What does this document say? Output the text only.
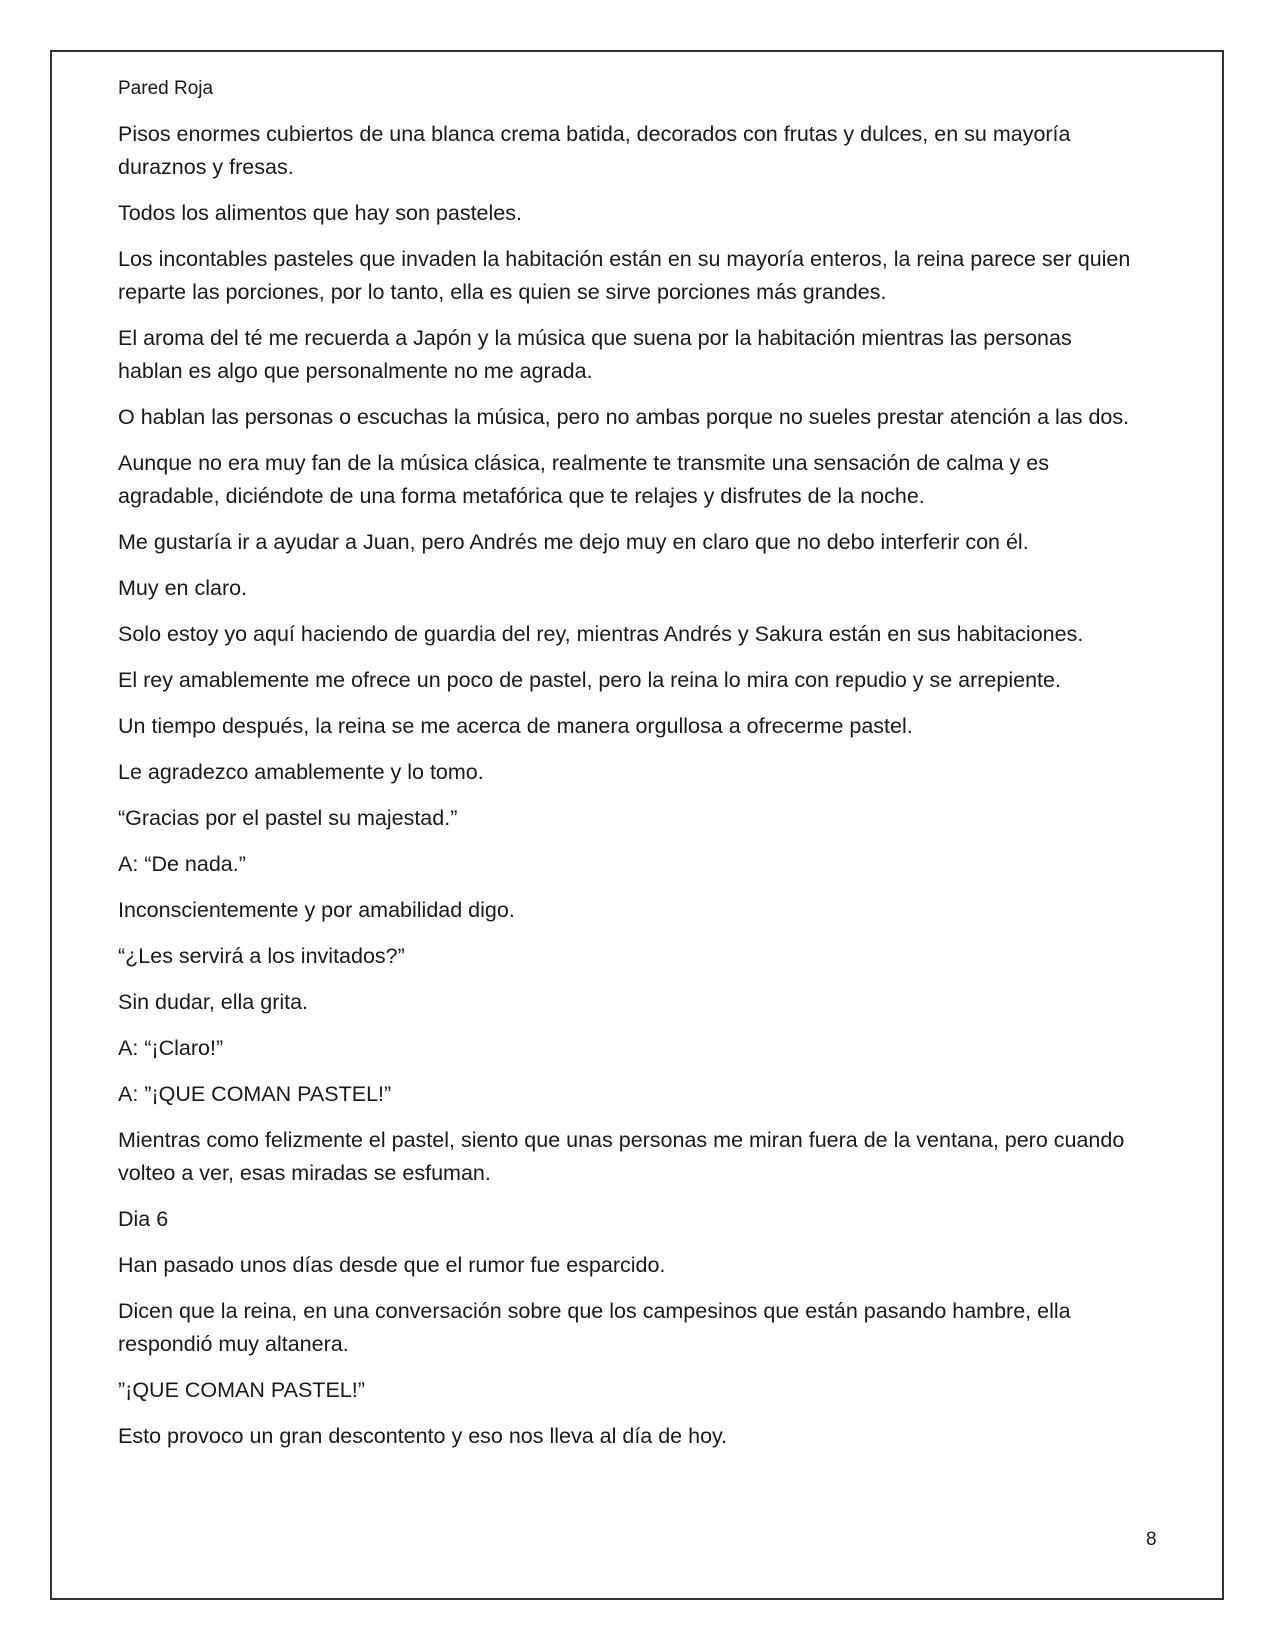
Pared Roja

Pisos enormes cubiertos de una blanca crema batida, decorados con frutas y dulces, en su mayoría duraznos y fresas.

Todos los alimentos que hay son pasteles.

Los incontables pasteles que invaden la habitación están en su mayoría enteros, la reina parece ser quien reparte las porciones, por lo tanto, ella es quien se sirve porciones más grandes.

El aroma del té me recuerda a Japón y la música que suena por la habitación mientras las personas hablan es algo que personalmente no me agrada.

O hablan las personas o escuchas la música, pero no ambas porque no sueles prestar atención a las dos.

Aunque no era muy fan de la música clásica, realmente te transmite una sensación de calma y es agradable, diciéndote de una forma metafórica que te relajes y disfrutes de la noche.

Me gustaría ir a ayudar a Juan, pero Andrés me dejo muy en claro que no debo interferir con él.

Muy en claro.

Solo estoy yo aquí haciendo de guardia del rey, mientras Andrés y Sakura están en sus habitaciones.

El rey amablemente me ofrece un poco de pastel, pero la reina lo mira con repudio y se arrepiente.

Un tiempo después, la reina se me acerca de manera orgullosa a ofrecerme pastel.

Le agradezco amablemente y lo tomo.

“Gracias por el pastel su majestad.”

A: “De nada.”

Inconscientemente y por amabilidad digo.

“¿Les servirá a los invitados?”

Sin dudar, ella grita.

A: “¡Claro!”

A: ”¡QUE COMAN PASTEL!”

Mientras como felizmente el pastel, siento que unas personas me miran fuera de la ventana, pero cuando volteo a ver, esas miradas se esfuman.

Dia 6

Han pasado unos días desde que el rumor fue esparcido.

Dicen que la reina, en una conversación sobre que los campesinos que están pasando hambre, ella respondió muy altanera.

”¡QUE COMAN PASTEL!”

Esto provoco un gran descontento y eso nos lleva al día de hoy.

8
